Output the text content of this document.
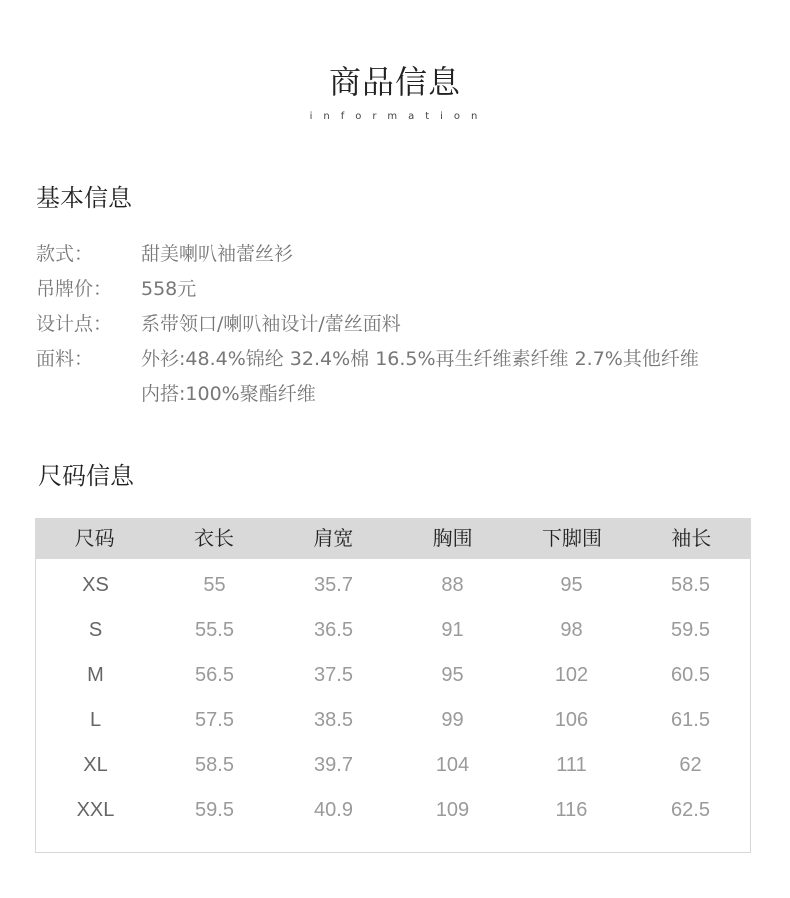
商品信息
information
基本信息
款式：	甜美喇叭袖蕾丝衫
吊牌价：	558元
设计点：	系带领口/喇叭袖设计/蕾丝面料
面料：	外衫:48.4%锦纶 32.4%棉 16.5%再生纤维素纤维 2.7%其他纤维
内搭:100%聚酯纤维
尺码信息
尺码	衣长	肩宽	胸围	下脚围	袖长
XS	55	35.7	88	95	58.5
S	55.5	36.5	91	98	59.5
M	56.5	37.5	95	102	60.5
L	57.5	38.5	99	106	61.5
XL	58.5	39.7	104	111	62
XXL	59.5	40.9	109	116	62.5
